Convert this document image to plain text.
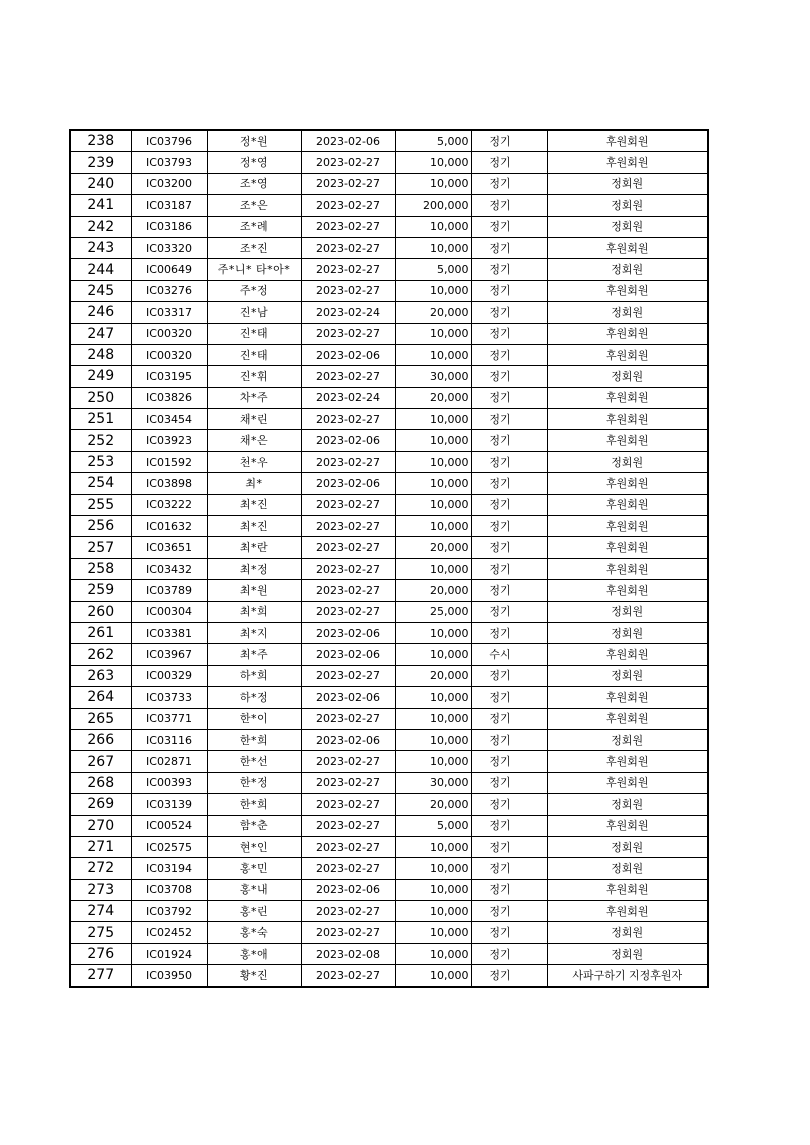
238	IC03796	정*원	2023-02-06	5,000	정기	후원회원
239	IC03793	정*영	2023-02-27	10,000	정기	후원회원
240	IC03200	조*영	2023-02-27	10,000	정기	정회원
241	IC03187	조*은	2023-02-27	200,000	정기	정회원
242	IC03186	조*례	2023-02-27	10,000	정기	정회원
243	IC03320	조*진	2023-02-27	10,000	정기	후원회원
244	IC00649	주*니* 타*아*	2023-02-27	5,000	정기	정회원
245	IC03276	주*정	2023-02-27	10,000	정기	후원회원
246	IC03317	진*남	2023-02-24	20,000	정기	정회원
247	IC00320	진*태	2023-02-27	10,000	정기	후원회원
248	IC00320	진*태	2023-02-06	10,000	정기	후원회원
249	IC03195	진*휘	2023-02-27	30,000	정기	정회원
250	IC03826	차*주	2023-02-24	20,000	정기	후원회원
251	IC03454	채*린	2023-02-27	10,000	정기	후원회원
252	IC03923	채*은	2023-02-06	10,000	정기	후원회원
253	IC01592	천*우	2023-02-27	10,000	정기	정회원
254	IC03898	최*	2023-02-06	10,000	정기	후원회원
255	IC03222	최*진	2023-02-27	10,000	정기	후원회원
256	IC01632	최*진	2023-02-27	10,000	정기	후원회원
257	IC03651	최*란	2023-02-27	20,000	정기	후원회원
258	IC03432	최*정	2023-02-27	10,000	정기	후원회원
259	IC03789	최*원	2023-02-27	20,000	정기	후원회원
260	IC00304	최*희	2023-02-27	25,000	정기	정회원
261	IC03381	최*지	2023-02-06	10,000	정기	정회원
262	IC03967	최*주	2023-02-06	10,000	수시	후원회원
263	IC00329	하*희	2023-02-27	20,000	정기	정회원
264	IC03733	하*정	2023-02-06	10,000	정기	후원회원
265	IC03771	한*이	2023-02-27	10,000	정기	후원회원
266	IC03116	한*희	2023-02-06	10,000	정기	정회원
267	IC02871	한*선	2023-02-27	10,000	정기	후원회원
268	IC00393	한*정	2023-02-27	30,000	정기	후원회원
269	IC03139	한*희	2023-02-27	20,000	정기	정회원
270	IC00524	함*춘	2023-02-27	5,000	정기	후원회원
271	IC02575	현*인	2023-02-27	10,000	정기	정회원
272	IC03194	홍*민	2023-02-27	10,000	정기	정회원
273	IC03708	홍*내	2023-02-06	10,000	정기	후원회원
274	IC03792	홍*린	2023-02-27	10,000	정기	후원회원
275	IC02452	홍*숙	2023-02-27	10,000	정기	정회원
276	IC01924	홍*애	2023-02-08	10,000	정기	정회원
277	IC03950	황*진	2023-02-27	10,000	정기	사파구하기 지정후원자
